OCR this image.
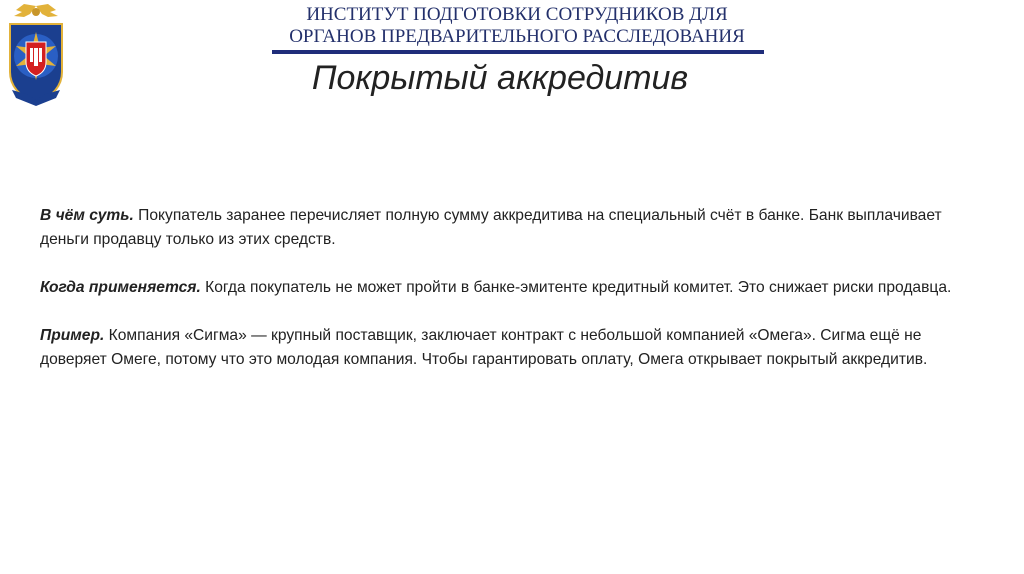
ИНСТИТУТ ПОДГОТОВКИ СОТРУДНИКОВ ДЛЯ
ОРГАНОВ ПРЕДВАРИТЕЛЬНОГО РАССЛЕДОВАНИЯ
Покрытый аккредитив

В чём суть. Покупатель заранее перечисляет полную сумму аккредитива на специальный счёт в банке. Банк выплачивает деньги продавцу только из этих средств.

Когда применяется. Когда покупатель не может пройти в банке-эмитенте кредитный комитет. Это снижает риски продавца.

Пример. Компания «Сигма» — крупный поставщик, заключает контракт с небольшой компанией «Омега». Сигма ещё не доверяет Омеге, потому что это молодая компания. Чтобы гарантировать оплату, Омега открывает покрытый аккредитив.
